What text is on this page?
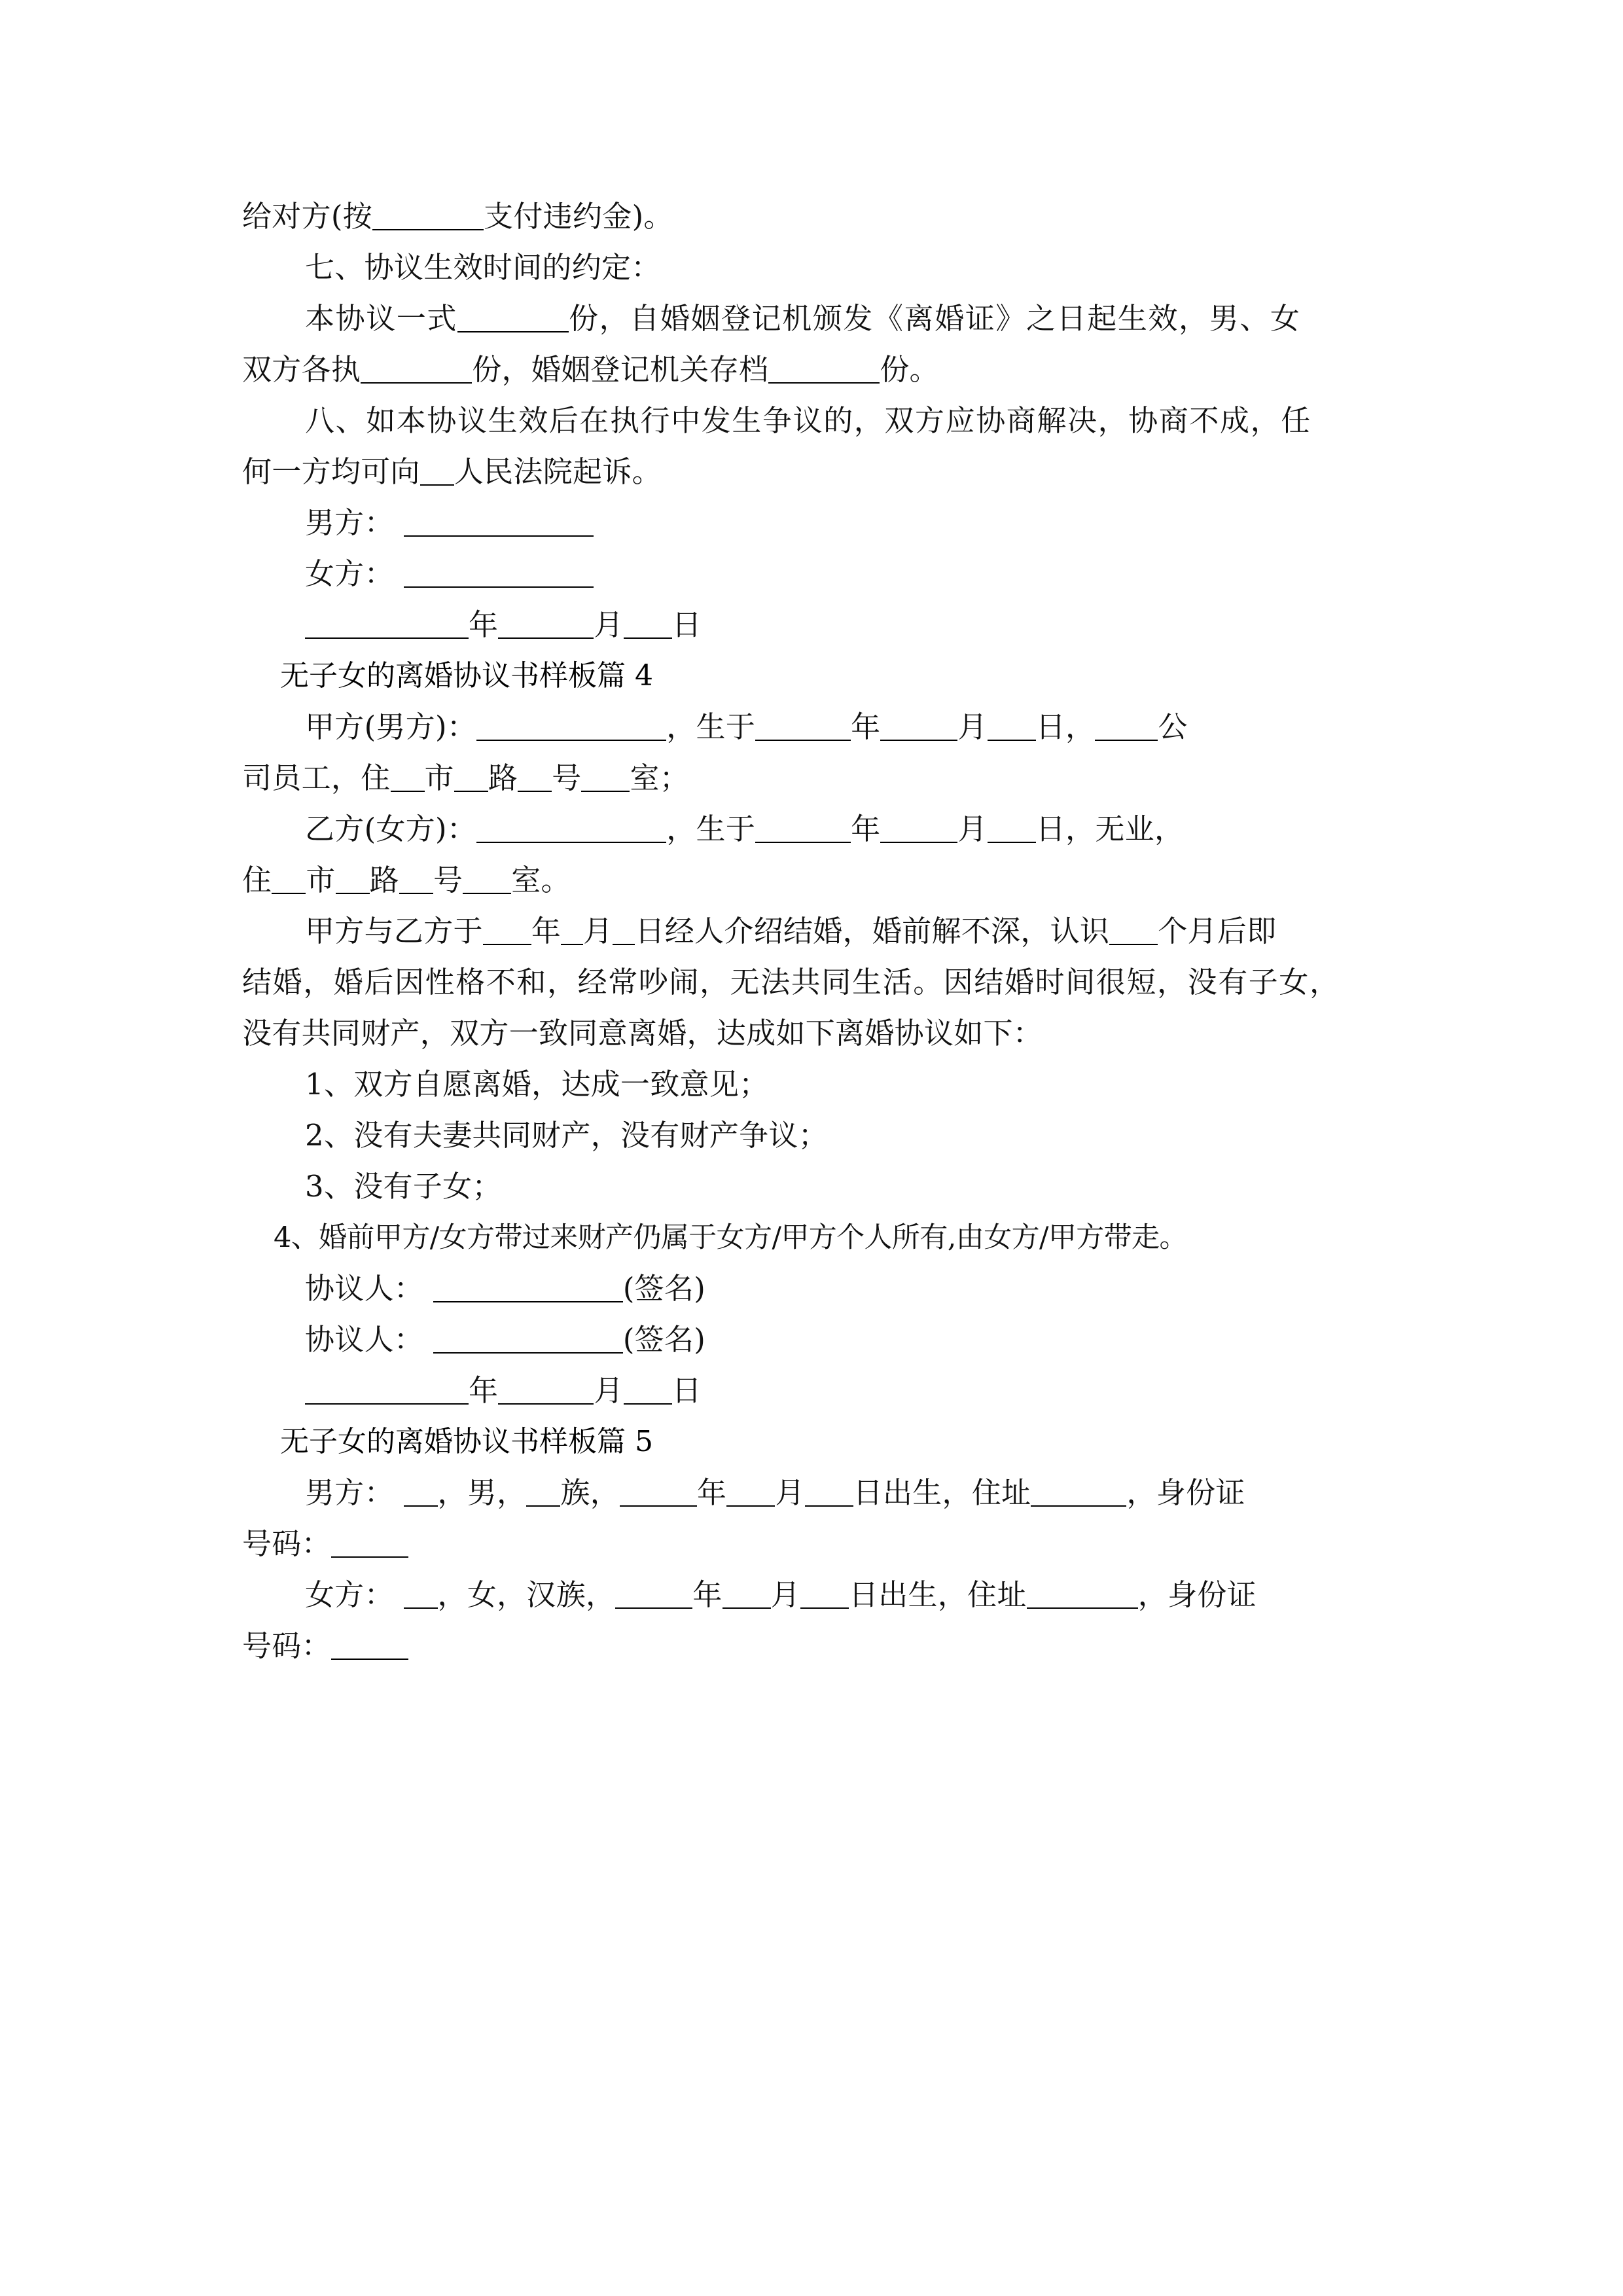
给对方(按	支付违约金)。
七、协议生效时间的约定：
本协议一式	份，自婚姻登记机颁发《离婚证》之日起生效，男、女
双方各执	份，婚姻登记机关存档	份。
八、如本协议生效后在执行中发生争议的，双方应协商解决，协商不成，任
何一方均可向 人民法院起诉。
男方：
女方：
年	月 日
无子女的离婚协议书样板篇 4
甲方(男方)：	，生于	年	月 日， 公
司员工，住 市 路 号 室；
乙方(女方)：	，生于	年	月 日，无业，
住 市 路 号 室。
甲方与乙方于 年 月 日经人介绍结婚，婚前解不深，认识 个月后即
结婚，婚后因性格不和，经常吵闹，无法共同生活。因结婚时间很短，没有子女，
没有共同财产，双方一致同意离婚，达成如下离婚协议如下：
1、双方自愿离婚，达成一致意见；
2、没有夫妻共同财产，没有财产争议；
3、没有子女；
4、婚前甲方/女方带过来财产仍属于女方/甲方个人所有,由女方/甲方带走。
协议人：	(签名)
协议人：	(签名)
年	月 日
无子女的离婚协议书样板篇 5
男方： ，男， 族，	年 月 日出生，住址	，身份证
号码：
女方： ，女，汉族，	年 月 日出生，住址	，身份证
号码：
